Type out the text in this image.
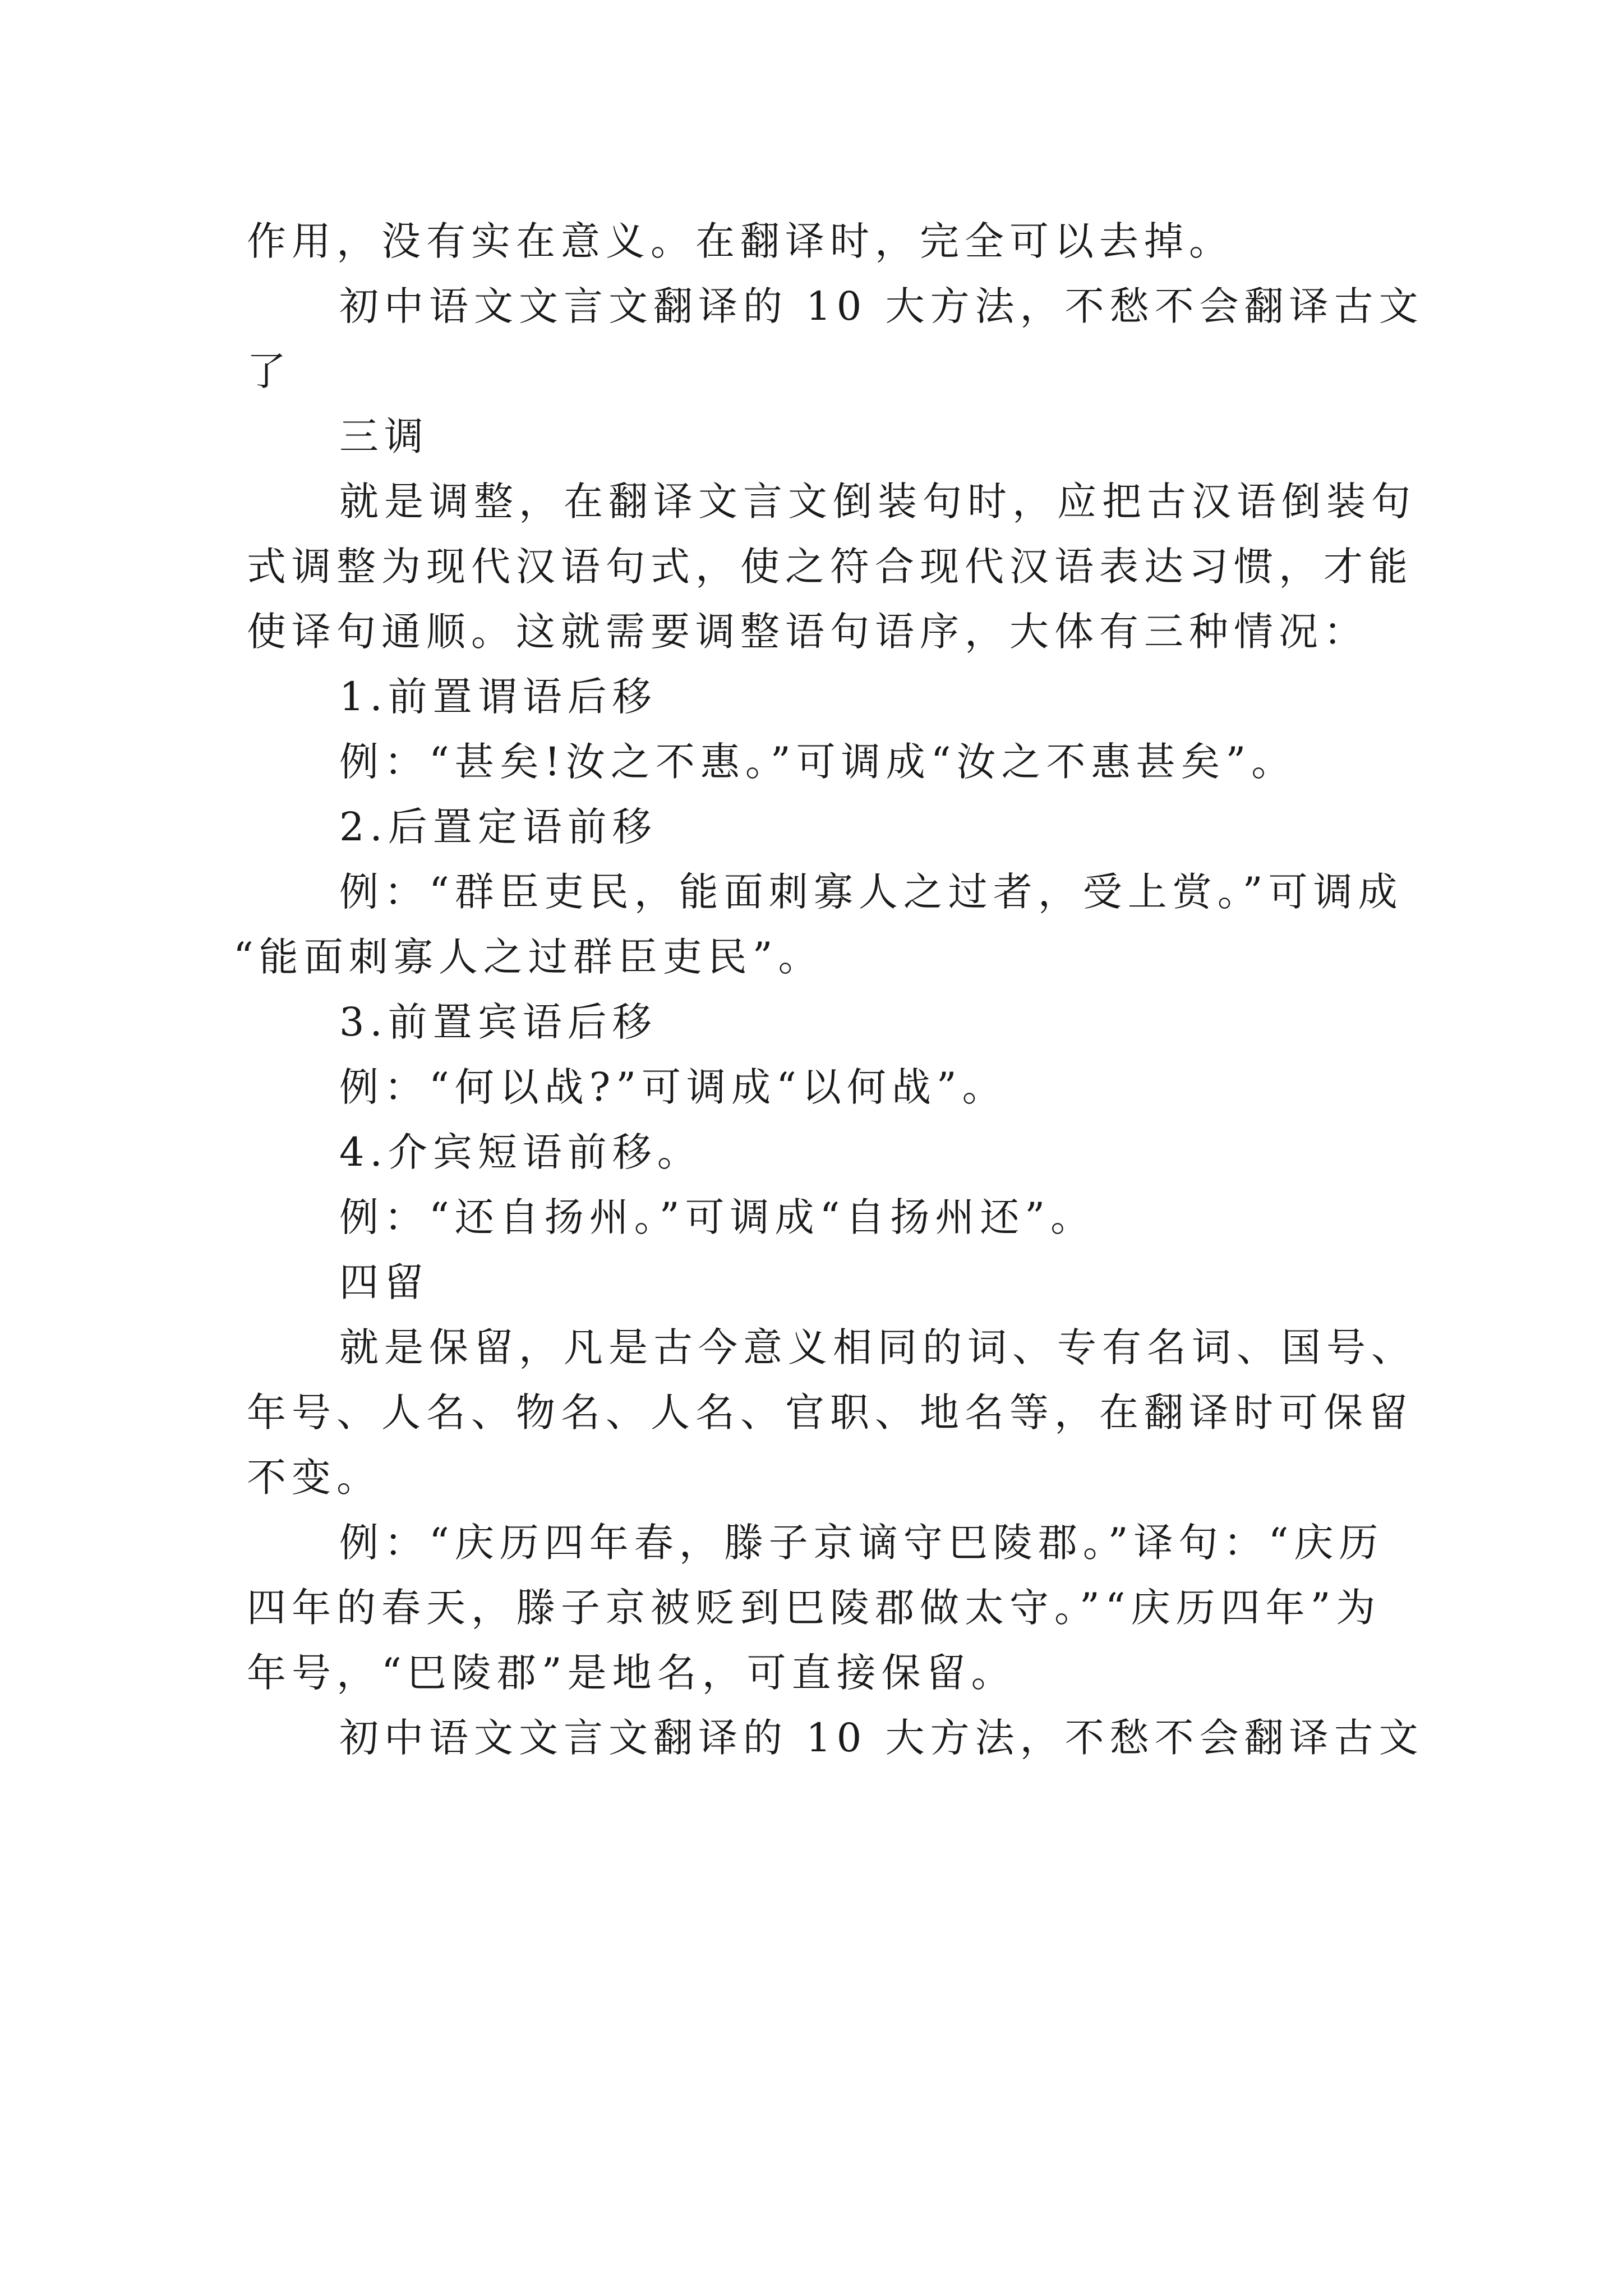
作用，没有实在意义。在翻译时，完全可以去掉。
初中语文文言文翻译的 10 大方法，不愁不会翻译古文
了
三调
就是调整，在翻译文言文倒装句时，应把古汉语倒装句
式调整为现代汉语句式，使之符合现代汉语表达习惯，才能
使译句通顺。这就需要调整语句语序，大体有三种情况：
1.前置谓语后移
例：“甚矣!汝之不惠。”可调成“汝之不惠甚矣”。
2.后置定语前移
例：“群臣吏民，能面刺寡人之过者，受上赏。”可调成
“能面刺寡人之过群臣吏民”。
3.前置宾语后移
例：“何以战?”可调成“以何战”。
4.介宾短语前移。
例：“还自扬州。”可调成“自扬州还”。
四留
就是保留，凡是古今意义相同的词、专有名词、国号、
年号、人名、物名、人名、官职、地名等，在翻译时可保留
不变。
例：“庆历四年春，滕子京谪守巴陵郡。”译句：“庆历
四年的春天，滕子京被贬到巴陵郡做太守。”“庆历四年”为
年号，“巴陵郡”是地名，可直接保留。
初中语文文言文翻译的 10 大方法，不愁不会翻译古文
